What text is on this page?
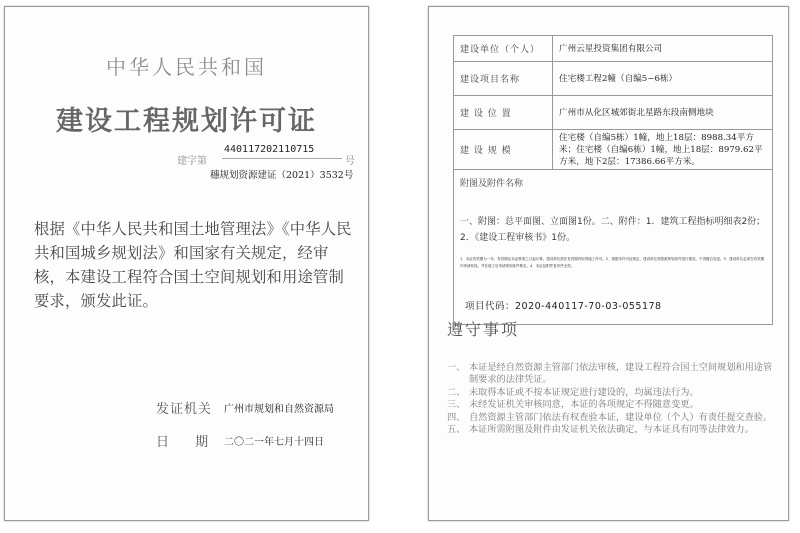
中华人民共和国
建设工程规划许可证
建字第
440117202110715
号
穗规划资源建证（2021）3532号
根据《中华人民共和国土地管理法》《中华人民共和国城乡规划法》和国家有关规定，经审核，本建设工程符合国土空间规划和用途管制要求，颁发此证。
发证机关 广州市规划和自然资源局
日 期 二〇二一年七月十四日
建设单位（个人）	广州云星投资集团有限公司
建设项目名称	住宅楼工程2幢（自编5~6栋）
建 设 位 置	广州市从化区城郊街北星路东段南侧地块
建 设 规 模	住宅楼（自编5栋）1幢，地上18层：8988.34平方米；住宅楼（自编6栋）1幢，地上18层：8979.62平方米，地下2层：17386.66平方米。

附图及附件名称
一、附图：总平面图、立面图1份。二、附件：1．建筑工程指标明细表2份；2．《建设工程审核书》1份。
1．本证有效期为一年，有效期从本证核准之日起计算。建设单位需在有效期内取得施工许可。2．根据本许可证规定，建设单位须按照规划条件进行建设，不得擅自变更。3．建设单位必须在有效期内申请验线，并在竣工后申请规划条件核实。4．本证及附件复印件无效。	
项目代码：2020-440117-70-03-055178
遵守事项
一、 本证是经自然资源主管部门依法审核，建设工程符合国土空间规划和用途管制要求的法律凭证。
二、 未取得本证或不按本证规定进行建设的，均属违法行为。
三、 未经发证机关审核同意，本证的各项规定不得随意变更。
四、 自然资源主管部门依法有权查验本证，建设单位（个人）有责任提交查验。
五、 本证所需附图及附件由发证机关依法确定，与本证具有同等法律效力。
